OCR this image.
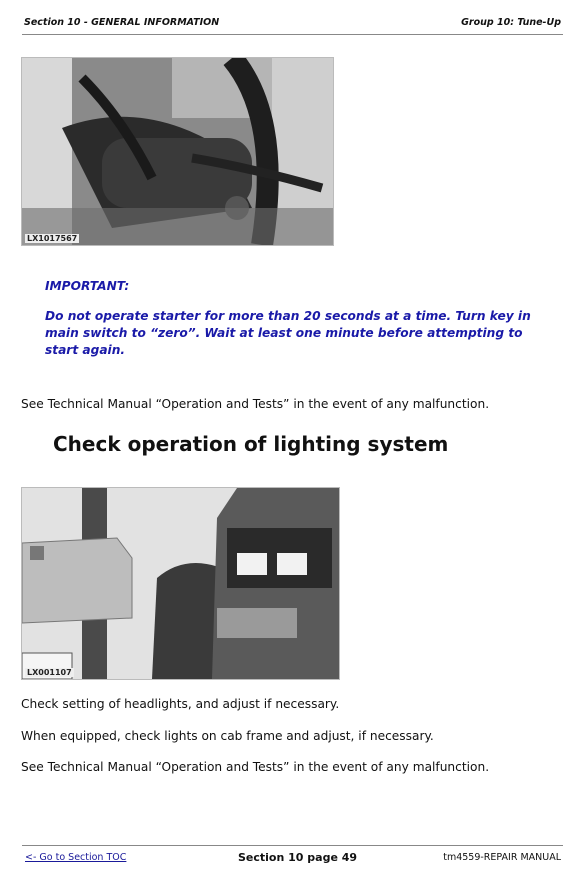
Section 10 - GENERAL INFORMATION	Group 10: Tune-Up
LX1017567
IMPORTANT:
Do not operate starter for more than 20 seconds at a time. Turn key in main switch to “zero”. Wait at least one minute before attempting to start again.
See Technical Manual “Operation and Tests” in the event of any malfunction.
Check operation of lighting system
LX001107
Check setting of headlights, and adjust if necessary.
When equipped, check lights on cab frame and adjust, if necessary.
See Technical Manual “Operation and Tests” in the event of any malfunction.
<- Go to Section TOC	Section 10 page 49	tm4559-REPAIR MANUAL
